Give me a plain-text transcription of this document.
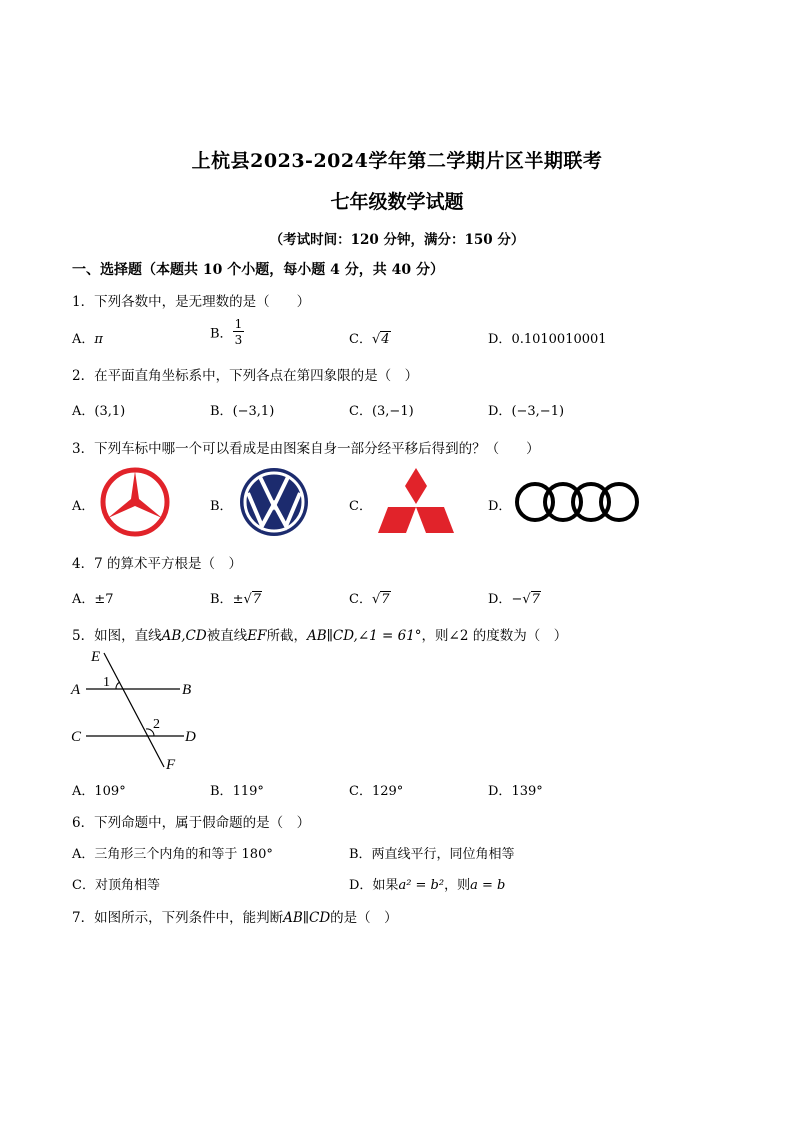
上杭县2023-2024学年第二学期片区半期联考
七年级数学试题
（考试时间：120 分钟，满分：150 分）
一、选择题（本题共 10 个小题，每小题 4 分，共 40 分）
1．下列各数中，是无理数的是（　　）
A．π	B． $\frac{1}{3}$	C．√4	D．0.1010010001
2．在平面直角坐标系中，下列各点在第四象限的是（　）
A．(3,1)	B．(−3,1)	C．(3,−1)	D．(−3,−1)
3．下列车标中哪一个可以看成是由图案自身一部分经平移后得到的？（　　）
A．	B．	C．	D．
4．7 的算术平方根是（　）
A．±7	B．±√7	C．√7	D．−√7
5．如图，直线AB,CD被直线EF所截，AB∥CD,∠1 = 61°，则∠2 的度数为（　）
E
A	B
C	D
F
1
2
A．109°	B．119°	C．129°	D．139°
6．下列命题中，属于假命题的是（　）
A．三角形三个内角的和等于 180°	B．两直线平行，同位角相等
C．对顶角相等	D．如果a² = b²，则a = b
7．如图所示，下列条件中，能判断AB∥CD的是（　）
